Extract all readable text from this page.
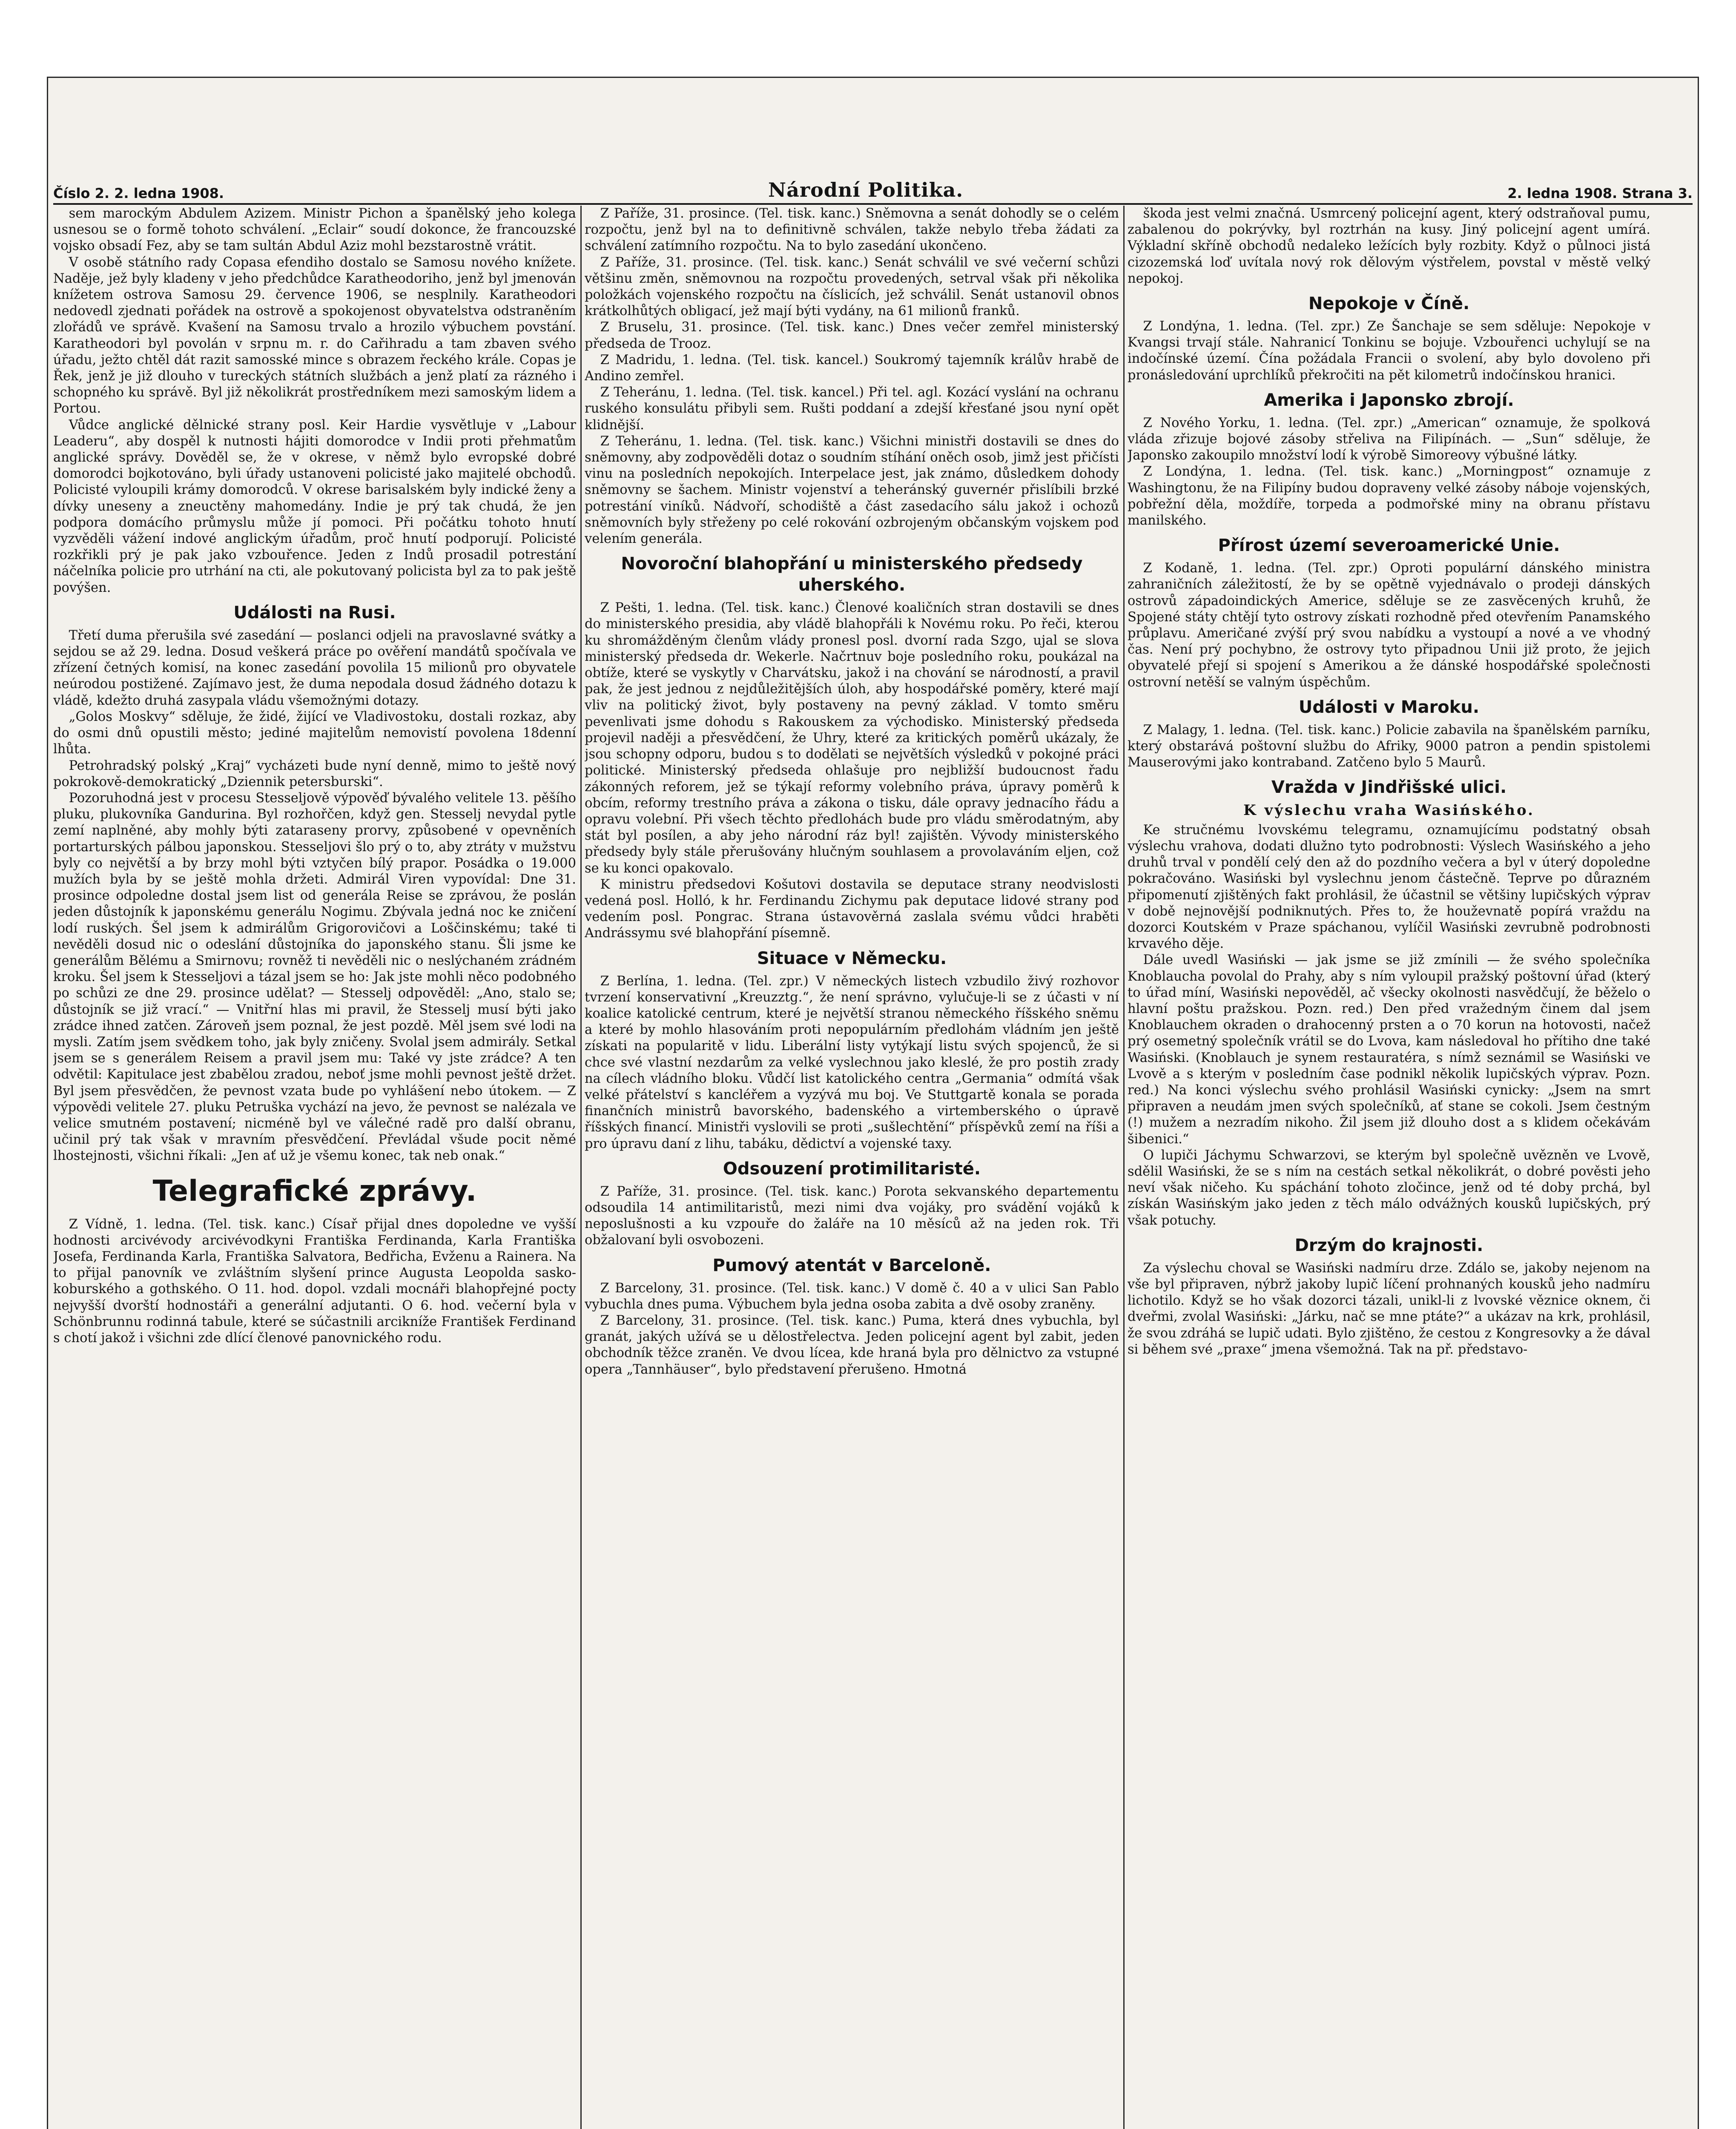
Číslo 2. 2. ledna 1908.	Národní Politika.	2. ledna 1908. Strana 3.

sem marockým Abdulem Azizem. Ministr Pichon a španělský jeho kolega usnesou se o formě tohoto schválení. „Eclair“ soudí dokonce, že francouzské vojsko obsadí Fez, aby se tam sultán Abdul Aziz mohl bezstarostně vrátit.

V osobě státního rady Copasa efendiho dostalo se Samosu nového knížete. Naděje, jež byly kladeny v jeho předchůdce Karatheodoriho, jenž byl jmenován knížetem ostrova Samosu 29. července 1906, se nesplnily. Karatheodori nedovedl zjednati pořádek na ostrově a spokojenost obyvatelstva odstraněním zlořádů ve správě. Kvašení na Samosu trvalo a hrozilo výbuchem povstání. Karatheodori byl povolán v srpnu m. r. do Cařihradu a tam zbaven svého úřadu, ježto chtěl dát razit samosské mince s obrazem řeckého krále. Copas je Řek, jenž je již dlouho v tureckých státních službách a jenž platí za rázného i schopného ku správě. Byl již několikrát prostředníkem mezi samoským lidem a Portou.

Vůdce anglické dělnické strany posl. Keir Hardie vysvětluje v „Labour Leaderu“, aby dospěl k nutnosti hájiti domorodce v Indii proti přehmatům anglické správy. Dověděl se, že v okrese, v němž bylo evropské dobré domorodci bojkotováno, byli úřady ustanoveni policisté jako majitelé obchodů. Policisté vyloupili krámy domorodců. V okrese barisalském byly indické ženy a dívky uneseny a zneuctěny mahomedány. Indie je prý tak chudá, že jen podpora domácího průmyslu může jí pomoci. Při počátku tohoto hnutí vyzvěděli vážení indové anglickým úřadům, proč hnutí podporují. Policisté rozkřikli prý je pak jako vzbouřence. Jeden z Indů prosadil potrestání náčelníka policie pro utrhání na cti, ale pokutovaný policista byl za to pak ještě povýšen.

Události na Rusi.

Třetí duma přerušila své zasedání — poslanci odjeli na pravoslavné svátky a sejdou se až 29. ledna. Dosud veškerá práce po ověření mandátů spočívala ve zřízení četných komisí, na konec zasedání povolila 15 milionů pro obyvatele neúrodou postižené. Zajímavo jest, že duma nepodala dosud žádného dotazu k vládě, kdežto druhá zasypala vládu všemožnými dotazy.

„Golos Moskvy“ sděluje, že židé, žijící ve Vladivostoku, dostali rozkaz, aby do osmi dnů opustili město; jediné majitelům nemovistí povolena 18denní lhůta.

Petrohradský polský „Kraj“ vycházeti bude nyní denně, mimo to ještě nový pokrokově-demokratický „Dziennik petersburski“.

Pozoruhodná jest v procesu Stesseljově výpověď bývalého velitele 13. pěšího pluku, plukovníka Gandurina. Byl rozhořčen, když gen. Stesselj nevydal pytle zemí naplněné, aby mohly býti zataraseny prorvy, způsobené v opevněních portarturských pálbou japonskou. Stesseljovi šlo prý o to, aby ztráty v mužstvu byly co největší a by brzy mohl býti vztyčen bílý prapor. Posádka o 19.000 mužích byla by se ještě mohla držeti. Admirál Viren vypovídal: Dne 31. prosince odpoledne dostal jsem list od generála Reise se zprávou, že poslán jeden důstojník k japonskému generálu Nogimu. Zbývala jedná noc ke zničení lodí ruských. Šel jsem k admirálům Grigorovičovi a Loščinskému; také ti nevěděli dosud nic o odeslání důstojníka do japonského stanu. Šli jsme ke generálům Bělému a Smirnovu; rovněž ti nevěděli nic o neslýchaném zrádném kroku. Šel jsem k Stesseljovi a tázal jsem se ho: Jak jste mohli něco podobného po schůzi ze dne 29. prosince udělat? — Stesselj odpověděl: „Ano, stalo se; důstojník se již vrací.“ — Vnitřní hlas mi pravil, že Stesselj musí býti jako zrádce ihned zatčen. Zároveň jsem poznal, že jest pozdě. Měl jsem své lodi na mysli. Zatím jsem svědkem toho, jak byly zničeny. Svolal jsem admirály. Setkal jsem se s generálem Reisem a pravil jsem mu: Také vy jste zrádce? A ten odvětil: Kapitulace jest zbabělou zradou, neboť jsme mohli pevnost ještě držet. Byl jsem přesvědčen, že pevnost vzata bude po vyhlášení nebo útokem. — Z výpovědi velitele 27. pluku Petruška vychází na jevo, že pevnost se nalézala ve velice smutném postavení; nicméně byl ve válečné radě pro další obranu, učinil prý tak však v mravním přesvědčení. Převládal všude pocit němé lhostejnosti, všichni říkali: „Jen ať už je všemu konec, tak neb onak.“

Telegrafické zprávy.

Z Vídně, 1. ledna. (Tel. tisk. kanc.) Císař přijal dnes dopoledne ve vyšší hodnosti arcivévody arcivévodkyni Františka Ferdinanda, Karla Františka Josefa, Ferdinanda Karla, Františka Salvatora, Bedřicha, Evženu a Rainera. Na to přijal panovník ve zvláštním slyšení prince Augusta Leopolda sasko-koburského a gothského. O 11. hod. dopol. vzdali mocnáři blahopřejné pocty nejvyšší dvorští hodnostáři a generální adjutanti. O 6. hod. večerní byla v Schönbrunnu rodinná tabule, které se súčastnili arcikníže František Ferdinand s chotí jakož i všichni zde dlící členové panovnického rodu.

Z Paříže, 31. prosince. (Tel. tisk. kanc.) Sněmovna a senát dohodly se o celém rozpočtu, jenž byl na to definitivně schválen, takže nebylo třeba žádati za schválení zatímního rozpočtu. Na to bylo zasedání ukončeno.

Z Paříže, 31. prosince. (Tel. tisk. kanc.) Senát schválil ve své večerní schůzi většinu změn, sněmovnou na rozpočtu provedených, setrval však při několika položkách vojenského rozpočtu na číslicích, jež schválil. Senát ustanovil obnos krátkolhůtých obligací, jež mají býti vydány, na 61 milionů franků.

Z Bruselu, 31. prosince. (Tel. tisk. kanc.) Dnes večer zemřel ministerský předseda de Trooz.

Z Madridu, 1. ledna. (Tel. tisk. kancel.) Soukromý tajemník králův hrabě de Andino zemřel.

Z Teheránu, 1. ledna. (Tel. tisk. kancel.) Při tel. agl. Kozácí vyslání na ochranu ruského konsulátu přibyli sem. Rušti poddaní a zdejší křesťané jsou nyní opět klidnější.

Z Teheránu, 1. ledna. (Tel. tisk. kanc.) Všichni ministři dostavili se dnes do sněmovny, aby zodpověděli dotaz o soudním stíhání oněch osob, jimž jest přičísti vinu na posledních nepokojích. Interpelace jest, jak známo, důsledkem dohody sněmovny se šachem. Ministr vojenství a teheránský guvernér přislíbili brzké potrestání viníků. Nádvoří, schodiště a část zasedacího sálu jakož i ochozů sněmovních byly střeženy po celé rokování ozbrojeným občanským vojskem pod velením generála.

Novoroční blahopřání u ministerského předsedy uherského.

Z Pešti, 1. ledna. (Tel. tisk. kanc.) Členové koaličních stran dostavili se dnes do ministerského presidia, aby vládě blahopřáli k Novému roku. Po řeči, kterou ku shromážděným členům vlády pronesl posl. dvorní rada Szgo, ujal se slova ministerský předseda dr. Wekerle. Načrtnuv boje posledního roku, poukázal na obtíže, které se vyskytly v Charvátsku, jakož i na chování se národností, a pravil pak, že jest jednou z nejdůležitějších úloh, aby hospodářské poměry, které mají vliv na politický život, byly postaveny na pevný základ. V tomto směru pevenlivati jsme dohodu s Rakouskem za východisko. Ministerský předseda projevil naději a přesvědčení, že Uhry, které za kritických poměrů ukázaly, že jsou schopny odporu, budou s to dodělati se největších výsledků v pokojné práci politické. Ministerský předseda ohlašuje pro nejbližší budoucnost řadu zákonných reforem, jež se týkají reformy volebního práva, úpravy poměrů k obcím, reformy trestního práva a zákona o tisku, dále opravy jednacího řádu a opravu volební. Při všech těchto předlohách bude pro vládu směrodatným, aby stát byl posílen, a aby jeho národní ráz byl! zajištěn. Vývody ministerského předsedy byly stále přerušovány hlučným souhlasem a provolaváním eljen, což se ku konci opakovalo.

K ministru předsedovi Košutovi dostavila se deputace strany neodvislosti vedená posl. Holló, k hr. Ferdinandu Zichymu pak deputace lidové strany pod vedením posl. Pongrac. Strana ústavověrná zaslala svému vůdci hraběti Andrássymu své blahopřání písemně.

Situace v Německu.

Z Berlína, 1. ledna. (Tel. zpr.) V německých listech vzbudilo živý rozhovor tvrzení konservativní „Kreuzztg.“, že není správno, vylučuje-li se z účasti v ní koalice katolické centrum, které je největší stranou německého říšského sněmu a které by mohlo hlasováním proti nepopulárním předlohám vládním jen ještě získati na popularitě v lidu. Liberální listy vytýkají listu svých spojenců, že si chce své vlastní nezdarům za velké vyslechnou jako kleslé, že pro postih zrady na cílech vládního bloku. Vůdčí list katolického centra „Germania“ odmítá však velké přátelství s kancléřem a vyzývá mu boj. Ve Stuttgartě konala se porada finančních ministrů bavorského, badenského a virtemberského o úpravě říšských financí. Ministři vyslovili se proti „sušlechtění“ příspěvků zemí na říši a pro úpravu daní z lihu, tabáku, dědictví a vojenské taxy.

Odsouzení protimilitaristé.

Z Paříže, 31. prosince. (Tel. tisk. kanc.) Porota sekvanského departementu odsoudila 14 antimilitaristů, mezi nimi dva vojáky, pro svádění vojáků k neposlušnosti a ku vzpouře do žaláře na 10 měsíců až na jeden rok. Tři obžalovaní byli osvobozeni.

Pumový atentát v Barceloně.

Z Barcelony, 31. prosince. (Tel. tisk. kanc.) V domě č. 40 a v ulici San Pablo vybuchla dnes puma. Výbuchem byla jedna osoba zabita a dvě osoby zraněny.

Z Barcelony, 31. prosince. (Tel. tisk. kanc.) Puma, která dnes vybuchla, byl granát, jakých užívá se u dělostřelectva. Jeden policejní agent byl zabit, jeden obchodník těžce zraněn. Ve dvou lícea, kde hraná byla pro dělnictvo za vstupné opera „Tannhäuser“, bylo představení přerušeno. Hmotná

škoda jest velmi značná. Usmrcený policejní agent, který odstraňoval pumu, zabalenou do pokrývky, byl roztrhán na kusy. Jiný policejní agent umírá. Výkladní skříně obchodů nedaleko ležících byly rozbity. Když o půlnoci jistá cizozemská loď uvítala nový rok dělovým výstřelem, povstal v městě velký nepokoj.

Nepokoje v Číně.

Z Londýna, 1. ledna. (Tel. zpr.) Ze Šanchaje se sem sděluje: Nepokoje v Kvangsi trvají stále. Nahranicí Tonkinu se bojuje. Vzbouřenci uchylují se na indočínské území. Čína požádala Francii o svolení, aby bylo dovoleno při pronásledování uprchlíků překročiti na pět kilometrů indočínskou hranici.

Amerika i Japonsko zbrojí.

Z Nového Yorku, 1. ledna. (Tel. zpr.) „American“ oznamuje, že spolková vláda zřizuje bojové zásoby střeliva na Filipínách. — „Sun“ sděluje, že Japonsko zakoupilo množství lodí k výrobě Simoreovy výbušné látky.

Z Londýna, 1. ledna. (Tel. tisk. kanc.) „Morningpost“ oznamuje z Washingtonu, že na Filipíny budou dopraveny velké zásoby náboje vojenských, pobřežní děla, moždíře, torpeda a podmořské miny na obranu přístavu manilského.

Přírost území severoamerické Unie.

Z Kodaně, 1. ledna. (Tel. zpr.) Oproti populární dánského ministra zahraničních záležitostí, že by se opětně vyjednávalo o prodeji dánských ostrovů západoindických Americe, sděluje se ze zasvěcených kruhů, že Spojené státy chtějí tyto ostrovy získati rozhodně před otevřením Panamského průplavu. Američané zvýší prý svou nabídku a vystoupí a nové a ve vhodný čas. Není prý pochybno, že ostrovy tyto připadnou Unii již proto, že jejich obyvatelé přejí si spojení s Amerikou a že dánské hospodářské společnosti ostrovní netěší se valným úspěchům.

Události v Maroku.

Z Malagy, 1. ledna. (Tel. tisk. kanc.) Policie zabavila na španělském parníku, který obstarává poštovní službu do Afriky, 9000 patron a pendin spistolemi Mauserovými jako kontraband. Zatčeno bylo 5 Maurů.

Vražda v Jindřišské ulici.
K výslechu vraha Wasińského.

Ke stručnému lvovskému telegramu, oznamujícímu podstatný obsah výslechu vrahova, dodati dlužno tyto podrobnosti: Výslech Wasińského a jeho druhů trval v pondělí celý den až do pozdního večera a byl v úterý dopoledne pokračováno. Wasiński byl vyslechnu jenom částečně. Teprve po důrazném připomenutí zjištěných fakt prohlásil, že účastnil se většiny lupičských výprav v době nejnovější podniknutých. Přes to, že houževnatě popírá vraždu na dozorci Koutském v Praze spáchanou, vylíčil Wasiński zevrubně podrobnosti krvavého děje.

Dále uvedl Wasiński — jak jsme se již zmínili — že svého společníka Knoblaucha povolal do Prahy, aby s ním vyloupil pražský poštovní úřad (který to úřad míní, Wasiński nepověděl, ač všecky okolnosti nasvědčují, že běželo o hlavní poštu pražskou. Pozn. red.) Den před vražedným činem dal jsem Knoblauchem okraden o drahocenný prsten a o 70 korun na hotovosti, načež prý osemetný společník vrátil se do Lvova, kam následoval ho přítiho dne také Wasiński. (Knoblauch je synem restauratéra, s nímž seznámil se Wasiński ve Lvově a s kterým v posledním čase podnikl několik lupičských výprav. Pozn. red.) Na konci výslechu svého prohlásil Wasiński cynicky: „Jsem na smrt připraven a neudám jmen svých společníků, ať stane se cokoli. Jsem čestným (!) mužem a nezradím nikoho. Žil jsem již dlouho dost a s klidem očekávám šibenici.“

O lupiči Jáchymu Schwarzovi, se kterým byl společně uvězněn ve Lvově, sdělil Wasiński, že se s ním na cestách setkal několikrát, o dobré pověsti jeho neví však ničeho. Ku spáchání tohoto zločince, jenž od té doby prchá, byl získán Wasińským jako jeden z těch málo odvážných kousků lupičských, prý však potuchy.

Drzým do krajnosti.

Za výslechu choval se Wasiński nadmíru drze. Zdálo se, jakoby nejenom na vše byl připraven, nýbrž jakoby lupič líčení prohnaných kousků jeho nadmíru lichotilo. Když se ho však dozorci tázali, unikl-li z lvovské věznice oknem, či dveřmi, zvolal Wasiński: „Járku, nač se mne ptáte?“ a ukázav na krk, prohlásil, že svou zdráhá se lupič udati. Bylo zjištěno, že cestou z Kongresovky a že dával si během své „praxe“ jmena všemožná. Tak na př. představo-
